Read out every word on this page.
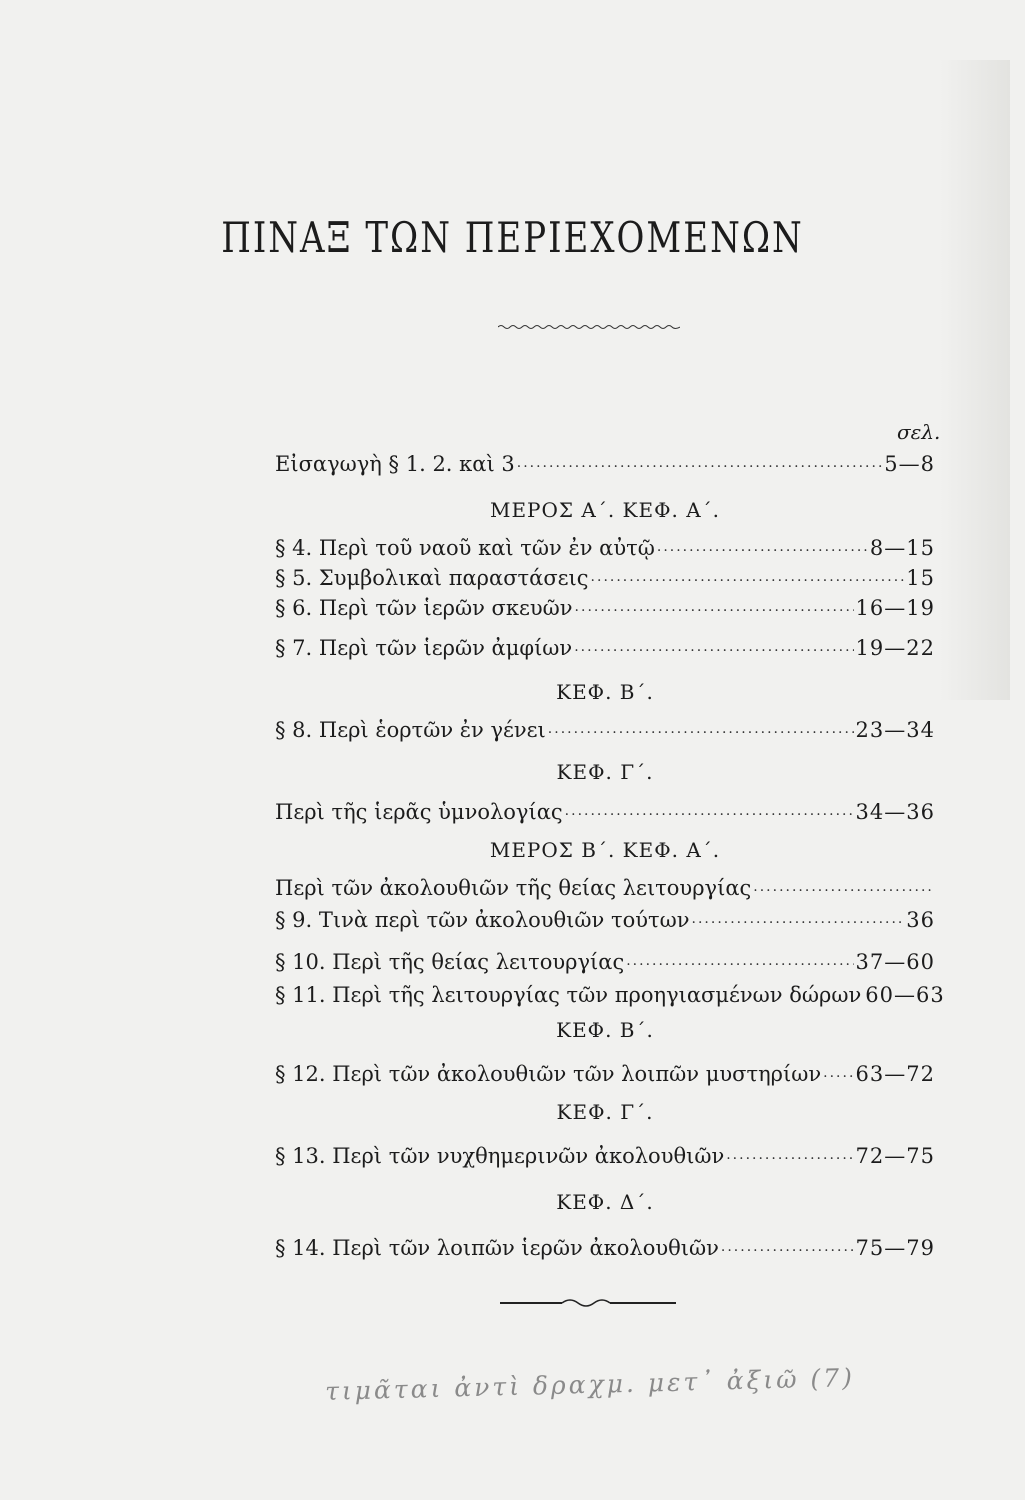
ΠΙΝΑΞ ΤΩΝ ΠΕΡΙΕΧΟΜΕΝΩΝ
σελ.
Εἰσαγωγὴ § 1. 2. καὶ 3 ·····	5—8
ΜΕΡΟΣ Α΄. ΚΕΦ. Α΄.
§ 4. Περὶ τοῦ ναοῦ καὶ τῶν ἐν αὐτῷ ·····	8—15
§ 5. Συμβολικαὶ παραστάσεις ·····	15
§ 6. Περὶ τῶν ἱερῶν σκευῶν ·····	16—19
§ 7. Περὶ τῶν ἱερῶν ἀμφίων ·····	19—22
ΚΕΦ. Β΄.
§ 8. Περὶ ἑορτῶν ἐν γένει ·····	23—34
ΚΕΦ. Γ΄.
Περὶ τῆς ἱερᾶς ὑμνολογίας ·····	34—36
ΜΕΡΟΣ Β΄. ΚΕΦ. Α΄.
Περὶ τῶν ἀκολουθιῶν τῆς θείας λειτουργίας
·····
§ 9. Τινὰ περὶ τῶν ἀκολουθιῶν τούτων ·····	36
§ 10. Περὶ τῆς θείας λειτουργίας ·····	37—60
§ 11. Περὶ τῆς λειτουργίας τῶν προηγιασμένων δώρων 60—63
ΚΕΦ. Β΄.
§ 12. Περὶ τῶν ἀκολουθιῶν τῶν λοιπῶν μυστηρίων ····· 63—72
ΚΕΦ. Γ΄.
§ 13. Περὶ τῶν νυχθημερινῶν ἀκολουθιῶν ·····	72—75
ΚΕΦ. Δ΄.
§ 14. Περὶ τῶν λοιπῶν ἱερῶν ἀκολουθιῶν ·····	75—79
τιμᾶται ἀντὶ δραχμ. μετ᾽ ἀξιῶ (7)
